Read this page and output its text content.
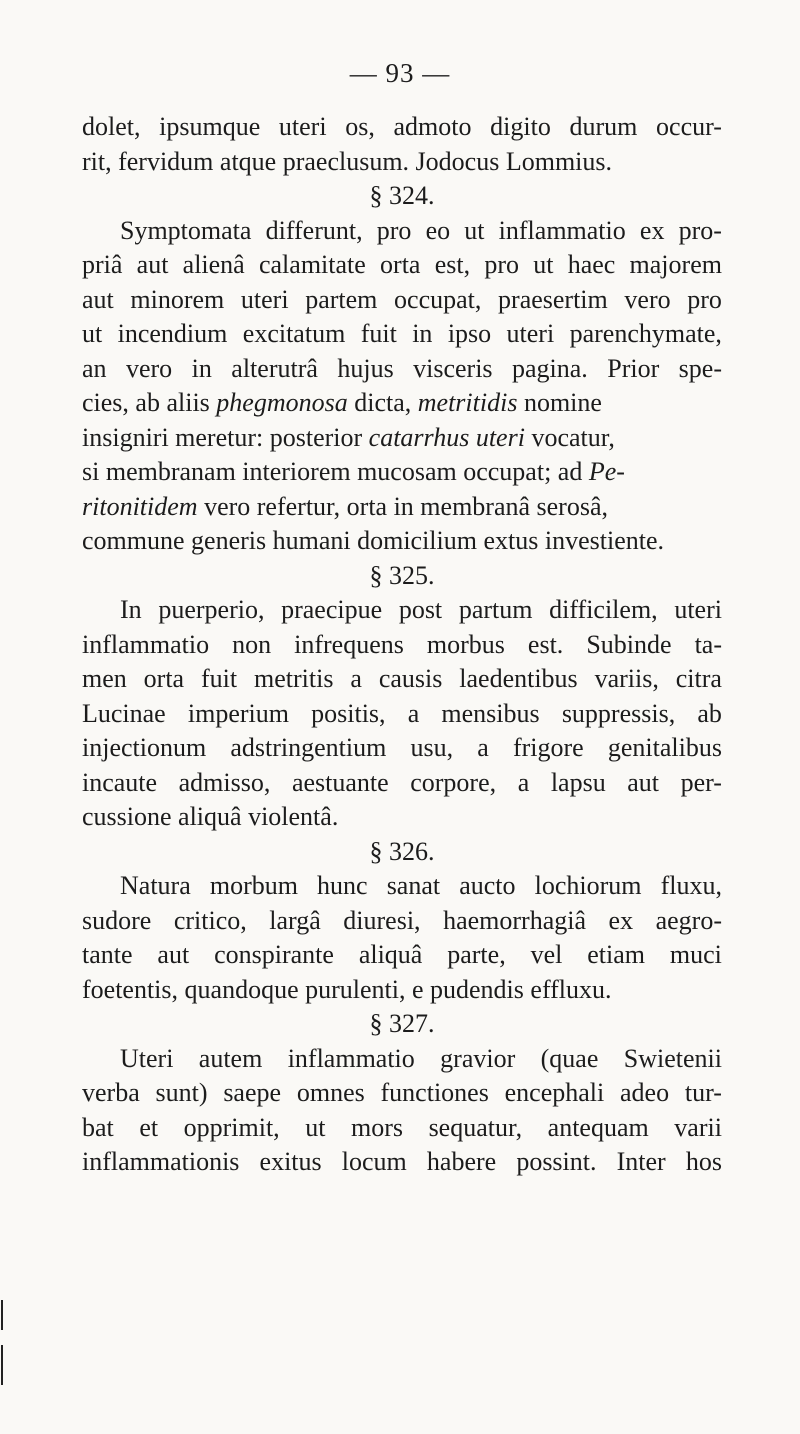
— 93 —
dolet, ipsumque uteri os, admoto digito durum occur-
rit, fervidum atque praeclusum. Jodocus Lommius.
§ 324.
Symptomata differunt, pro eo ut inflammatio ex pro-
priâ aut alienâ calamitate orta est, pro ut haec majorem
aut minorem uteri partem occupat, praesertim vero pro
ut incendium excitatum fuit in ipso uteri parenchymate,
an vero in alterutrâ hujus visceris pagina. Prior spe-
cies, ab aliis phegmonosa dicta, metritidis nomine
insigniri meretur: posterior catarrhus uteri vocatur,
si membranam interiorem mucosam occupat; ad Pe-
ritonitidem vero refertur, orta in membranâ serosâ,
commune generis humani domicilium extus investiente.
§ 325.
In puerperio, praecipue post partum difficilem, uteri
inflammatio non infrequens morbus est. Subinde ta-
men orta fuit metritis a causis laedentibus variis, citra
Lucinae imperium positis, a mensibus suppressis, ab
injectionum adstringentium usu, a frigore genitalibus
incaute admisso, aestuante corpore, a lapsu aut per-
cussione aliquâ violentâ.
§ 326.
Natura morbum hunc sanat aucto lochiorum fluxu,
sudore critico, largâ diuresi, haemorrhagiâ ex aegro-
tante aut conspirante aliquâ parte, vel etiam muci
foetentis, quandoque purulenti, e pudendis effluxu.
§ 327.
Uteri autem inflammatio gravior (quae Swietenii
verba sunt) saepe omnes functiones encephali adeo tur-
bat et opprimit, ut mors sequatur, antequam varii
inflammationis exitus locum habere possint. Inter hos
